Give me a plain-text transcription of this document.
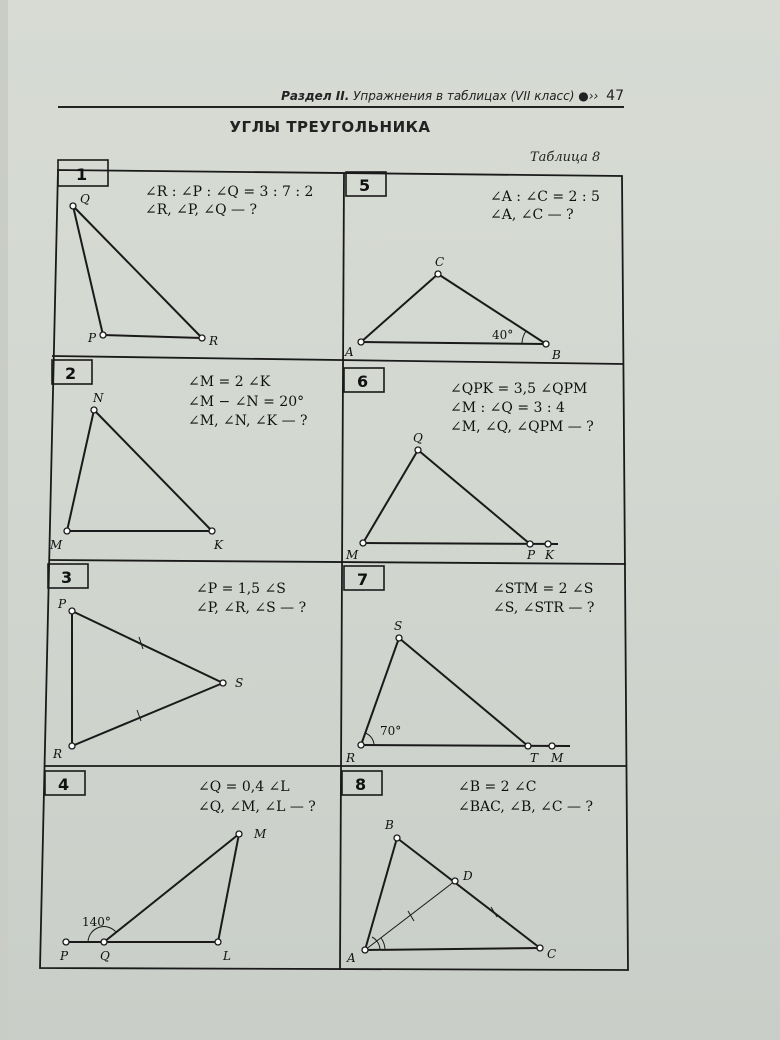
Раздел II. Упражнения в таблицах (VII класс) ●›› 47
УГЛЫ ТРЕУГОЛЬНИКА
Таблица 8
1
∠R : ∠P : ∠Q = 3 : 7 : 2
∠R, ∠P, ∠Q — ?
Q
P	R
2	∠M = 2 ∠K
∠M − ∠N = 20°
∠M, ∠N, ∠K — ?
N
M	K
3
∠P = 1,5 ∠S
∠P, ∠R, ∠S — ?
P
S
R
4	∠Q = 0,4 ∠L
∠Q, ∠M, ∠L — ?
140°
M
P	Q	L
5
∠A : ∠C = 2 : 5
∠A, ∠C — ?
40°
C
A	B
6	∠QPK = 3,5 ∠QPM
∠M : ∠Q = 3 : 4
∠M, ∠Q, ∠QPM — ?
Q
M	P K
7	∠STM = 2 ∠S
∠S, ∠STR — ?
70°
S
R	T M
8	∠B = 2 ∠C
∠BAC, ∠B, ∠C — ?
B
D
A	C
